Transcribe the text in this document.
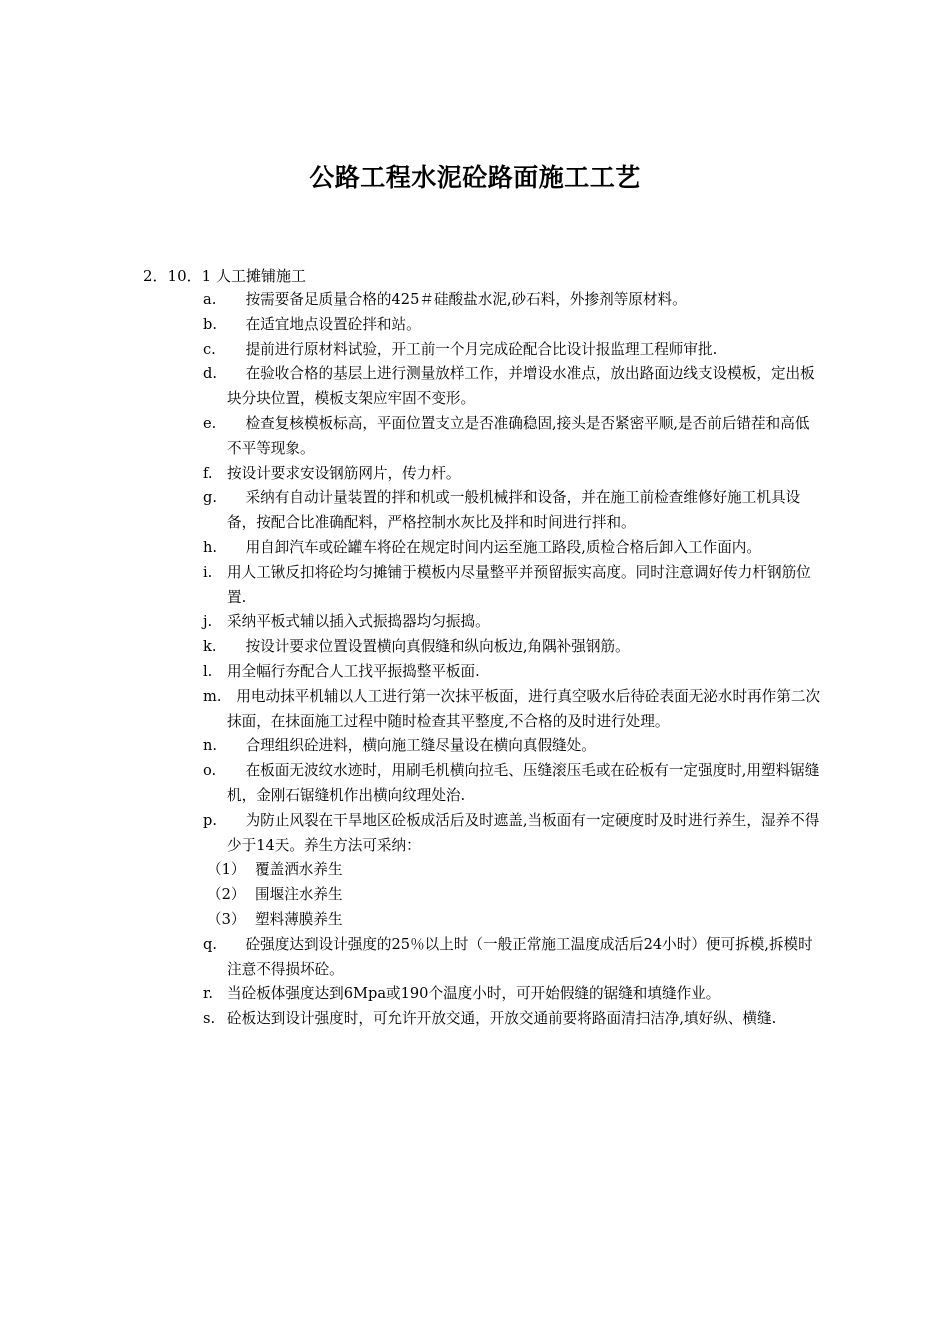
公路工程水泥砼路面施工工艺
2．10．1 人工摊铺施工
a. 按需要备足质量合格的425＃硅酸盐水泥,砂石料，外掺剂等原材料。
b. 在适宜地点设置砼拌和站。
c. 提前进行原材料试验，开工前一个月完成砼配合比设计报监理工程师审批.
d. 在验收合格的基层上进行测量放样工作，并增设水准点，放出路面边线支设模板，定出板块分块位置，模板支架应牢固不变形。
e. 检查复核模板标高，平面位置支立是否准确稳固,接头是否紧密平顺,是否前后错茬和高低不平等现象。
f. 按设计要求安设钢筋网片，传力杆。
g. 采纳有自动计量装置的拌和机或一般机械拌和设备，并在施工前检查维修好施工机具设备，按配合比准确配料，严格控制水灰比及拌和时间进行拌和。
h. 用自卸汽车或砼罐车将砼在规定时间内运至施工路段,质检合格后卸入工作面内。
i. 用人工锹反扣将砼均匀摊铺于模板内尽量整平并预留振实高度。同时注意调好传力杆钢筋位置.
j. 采纳平板式辅以插入式振捣器均匀振捣。
k. 按设计要求位置设置横向真假缝和纵向板边,角隅补强钢筋。
l. 用全幅行夯配合人工找平振捣整平板面.
m. 用电动抹平机辅以人工进行第一次抹平板面，进行真空吸水后待砼表面无泌水时再作第二次抹面，在抹面施工过程中随时检查其平整度,不合格的及时进行处理。
n. 合理组织砼进料，横向施工缝尽量设在横向真假缝处。
o. 在板面无波纹水迹时，用刷毛机横向拉毛、压缝滚压毛或在砼板有一定强度时,用塑料锯缝机，金刚石锯缝机作出横向纹理处治.
p. 为防止风裂在干旱地区砼板成活后及时遮盖,当板面有一定硬度时及时进行养生，湿养不得少于14天。养生方法可采纳：
（1） 覆盖洒水养生
（2） 围堰注水养生
（3） 塑料薄膜养生
q. 砼强度达到设计强度的25％以上时（一般正常施工温度成活后24小时）便可拆模,拆模时注意不得损坏砼。
r. 当砼板体强度达到6Mpa或190个温度小时，可开始假缝的锯缝和填缝作业。
s. 砼板达到设计强度时，可允许开放交通，开放交通前要将路面清扫洁净,填好纵、横缝.
